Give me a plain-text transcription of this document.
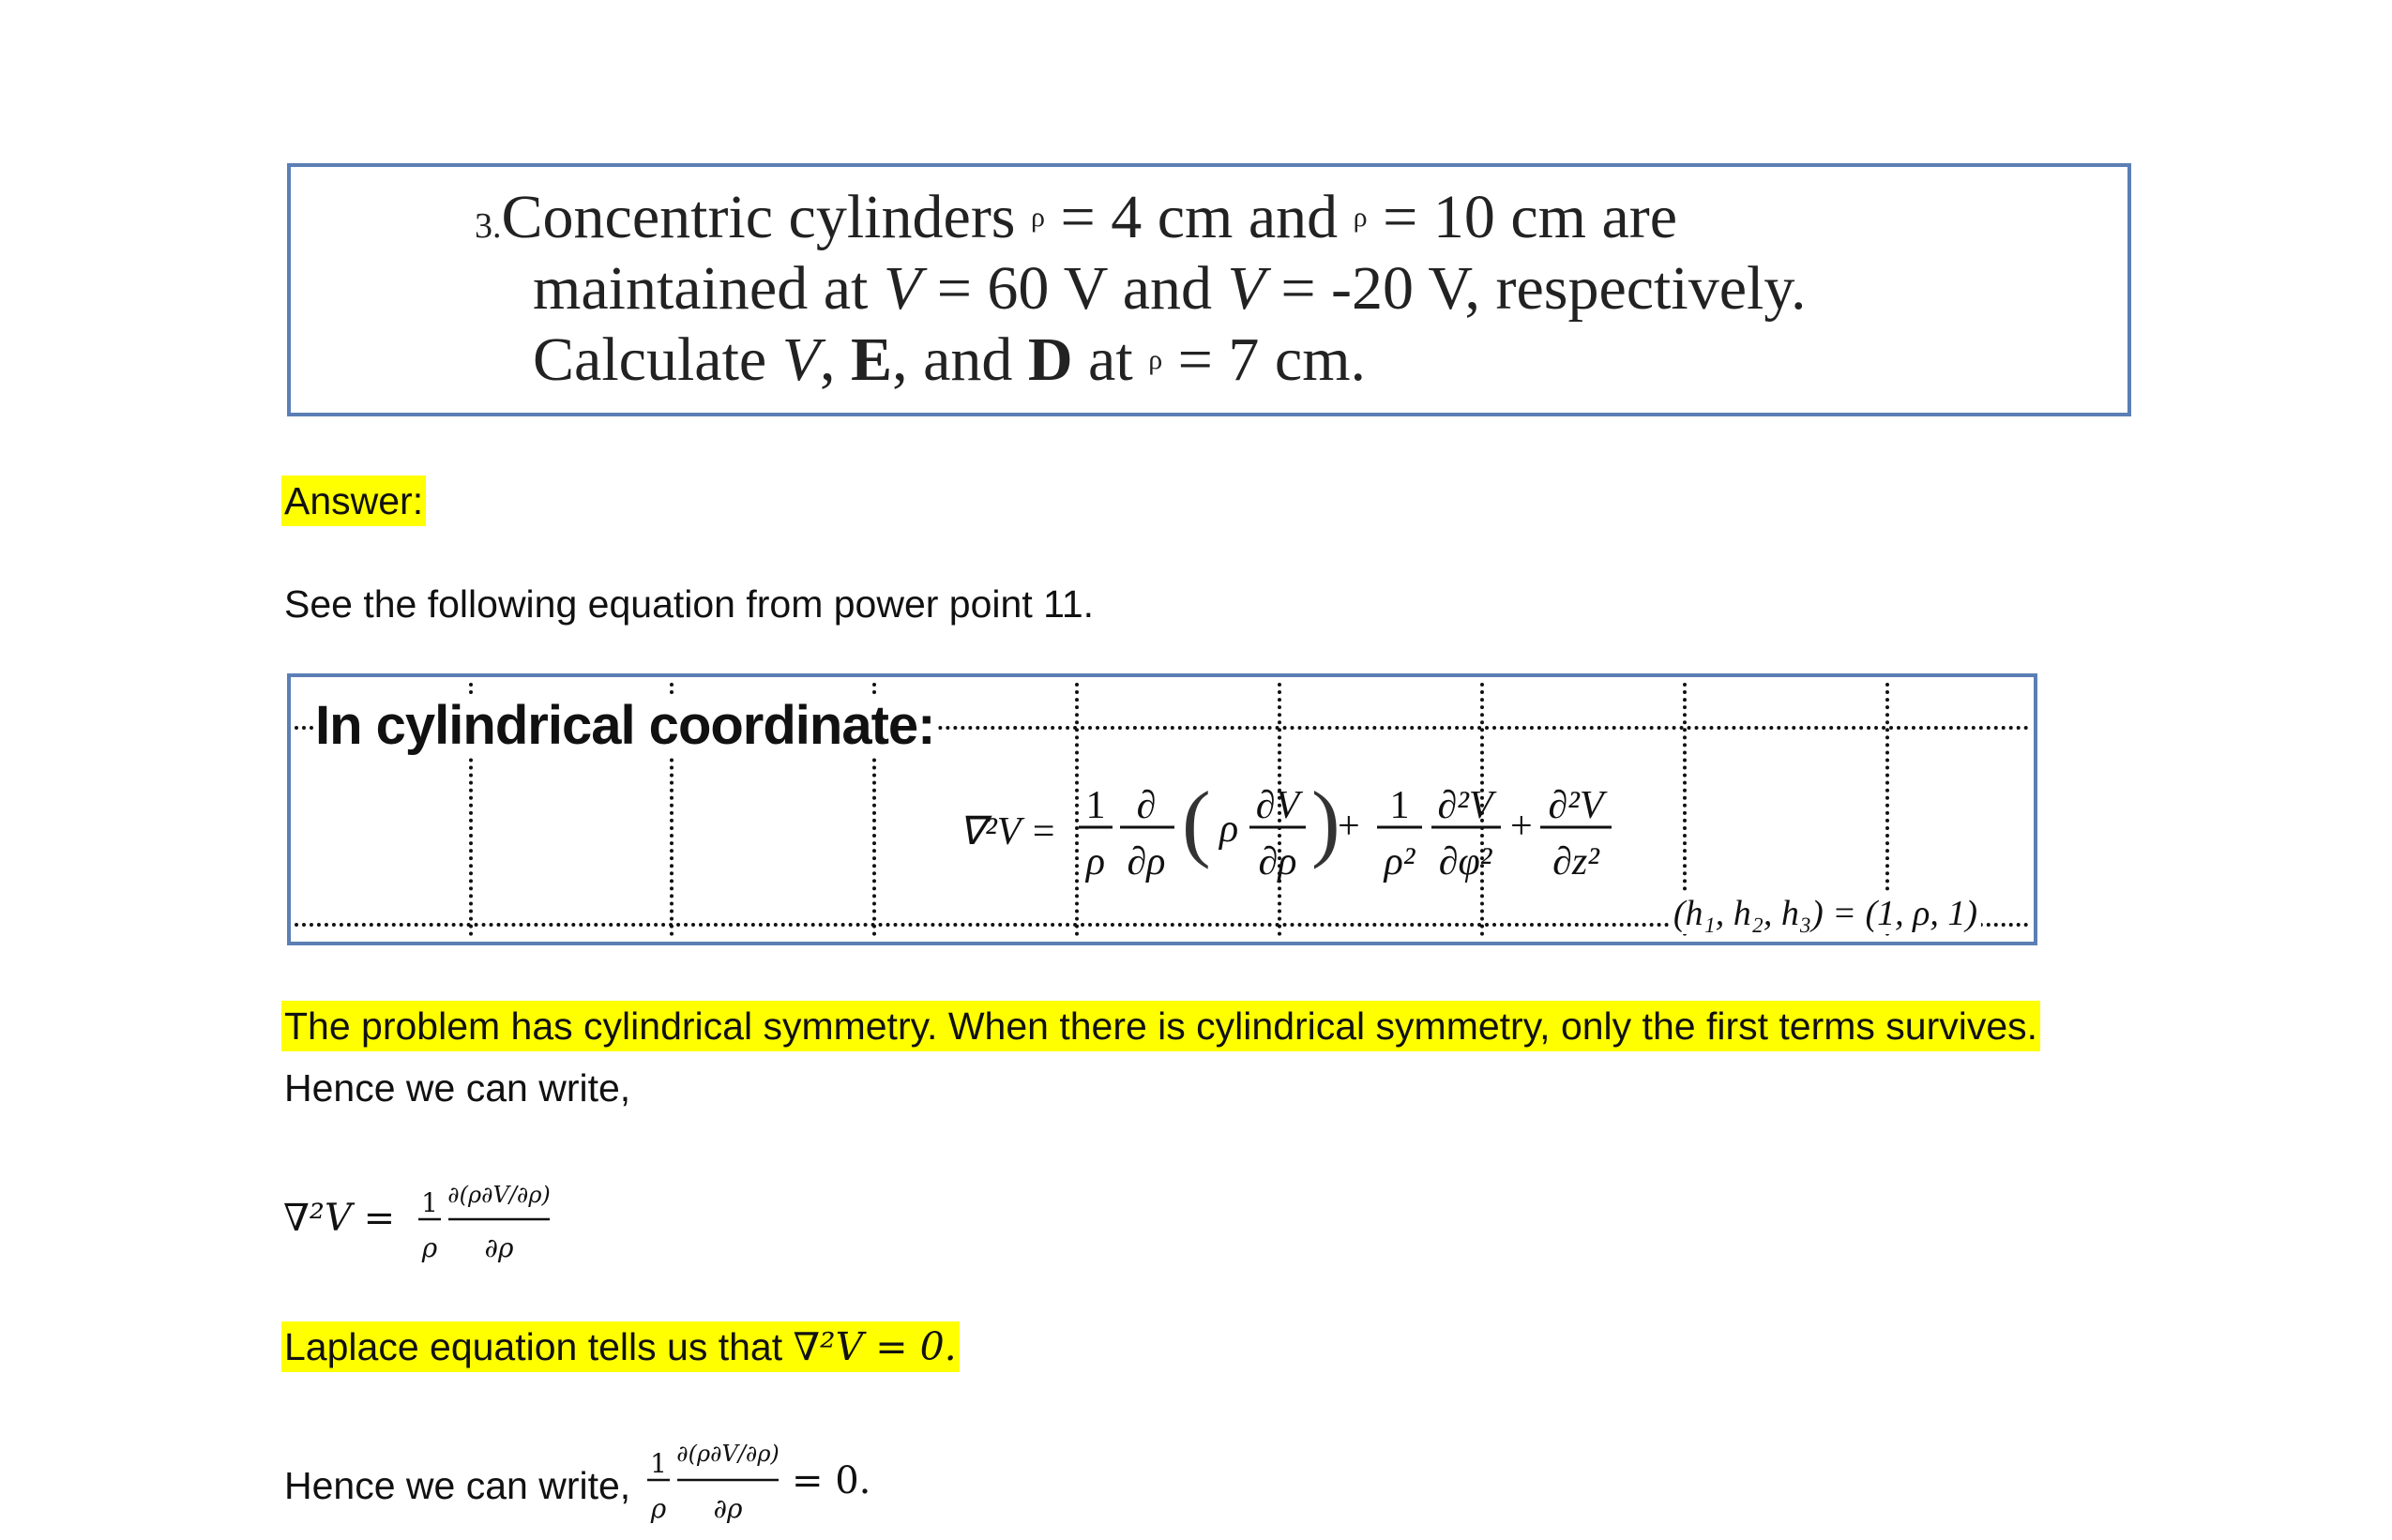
3.Concentric cylinders ρ = 4 cm and ρ = 10 cm are
maintained at V = 60 V and V = -20 V, respectively.
Calculate V, E, and D at ρ = 7 cm.
Answer:
See the following equation from power point 11.
In cylindrical coordinate:
∇²V =
1
ρ
∂
∂ρ ( ρ
∂V
∂ρ )
+ 1
ρ²
∂²V
∂φ²
+ ∂²V
∂z²
(h₁, h₂, h₃) = (1, ρ, 1)
The problem has cylindrical symmetry. When there is cylindrical symmetry, only the first terms survives.
Hence we can write,
∇²V = 1
ρ
∂(ρ∂V/∂ρ)
∂ρ
Laplace equation tells us that ∇²V = 0.
Hence we can write,
1
ρ
∂(ρ∂V/∂ρ)
∂ρ
= 0.
